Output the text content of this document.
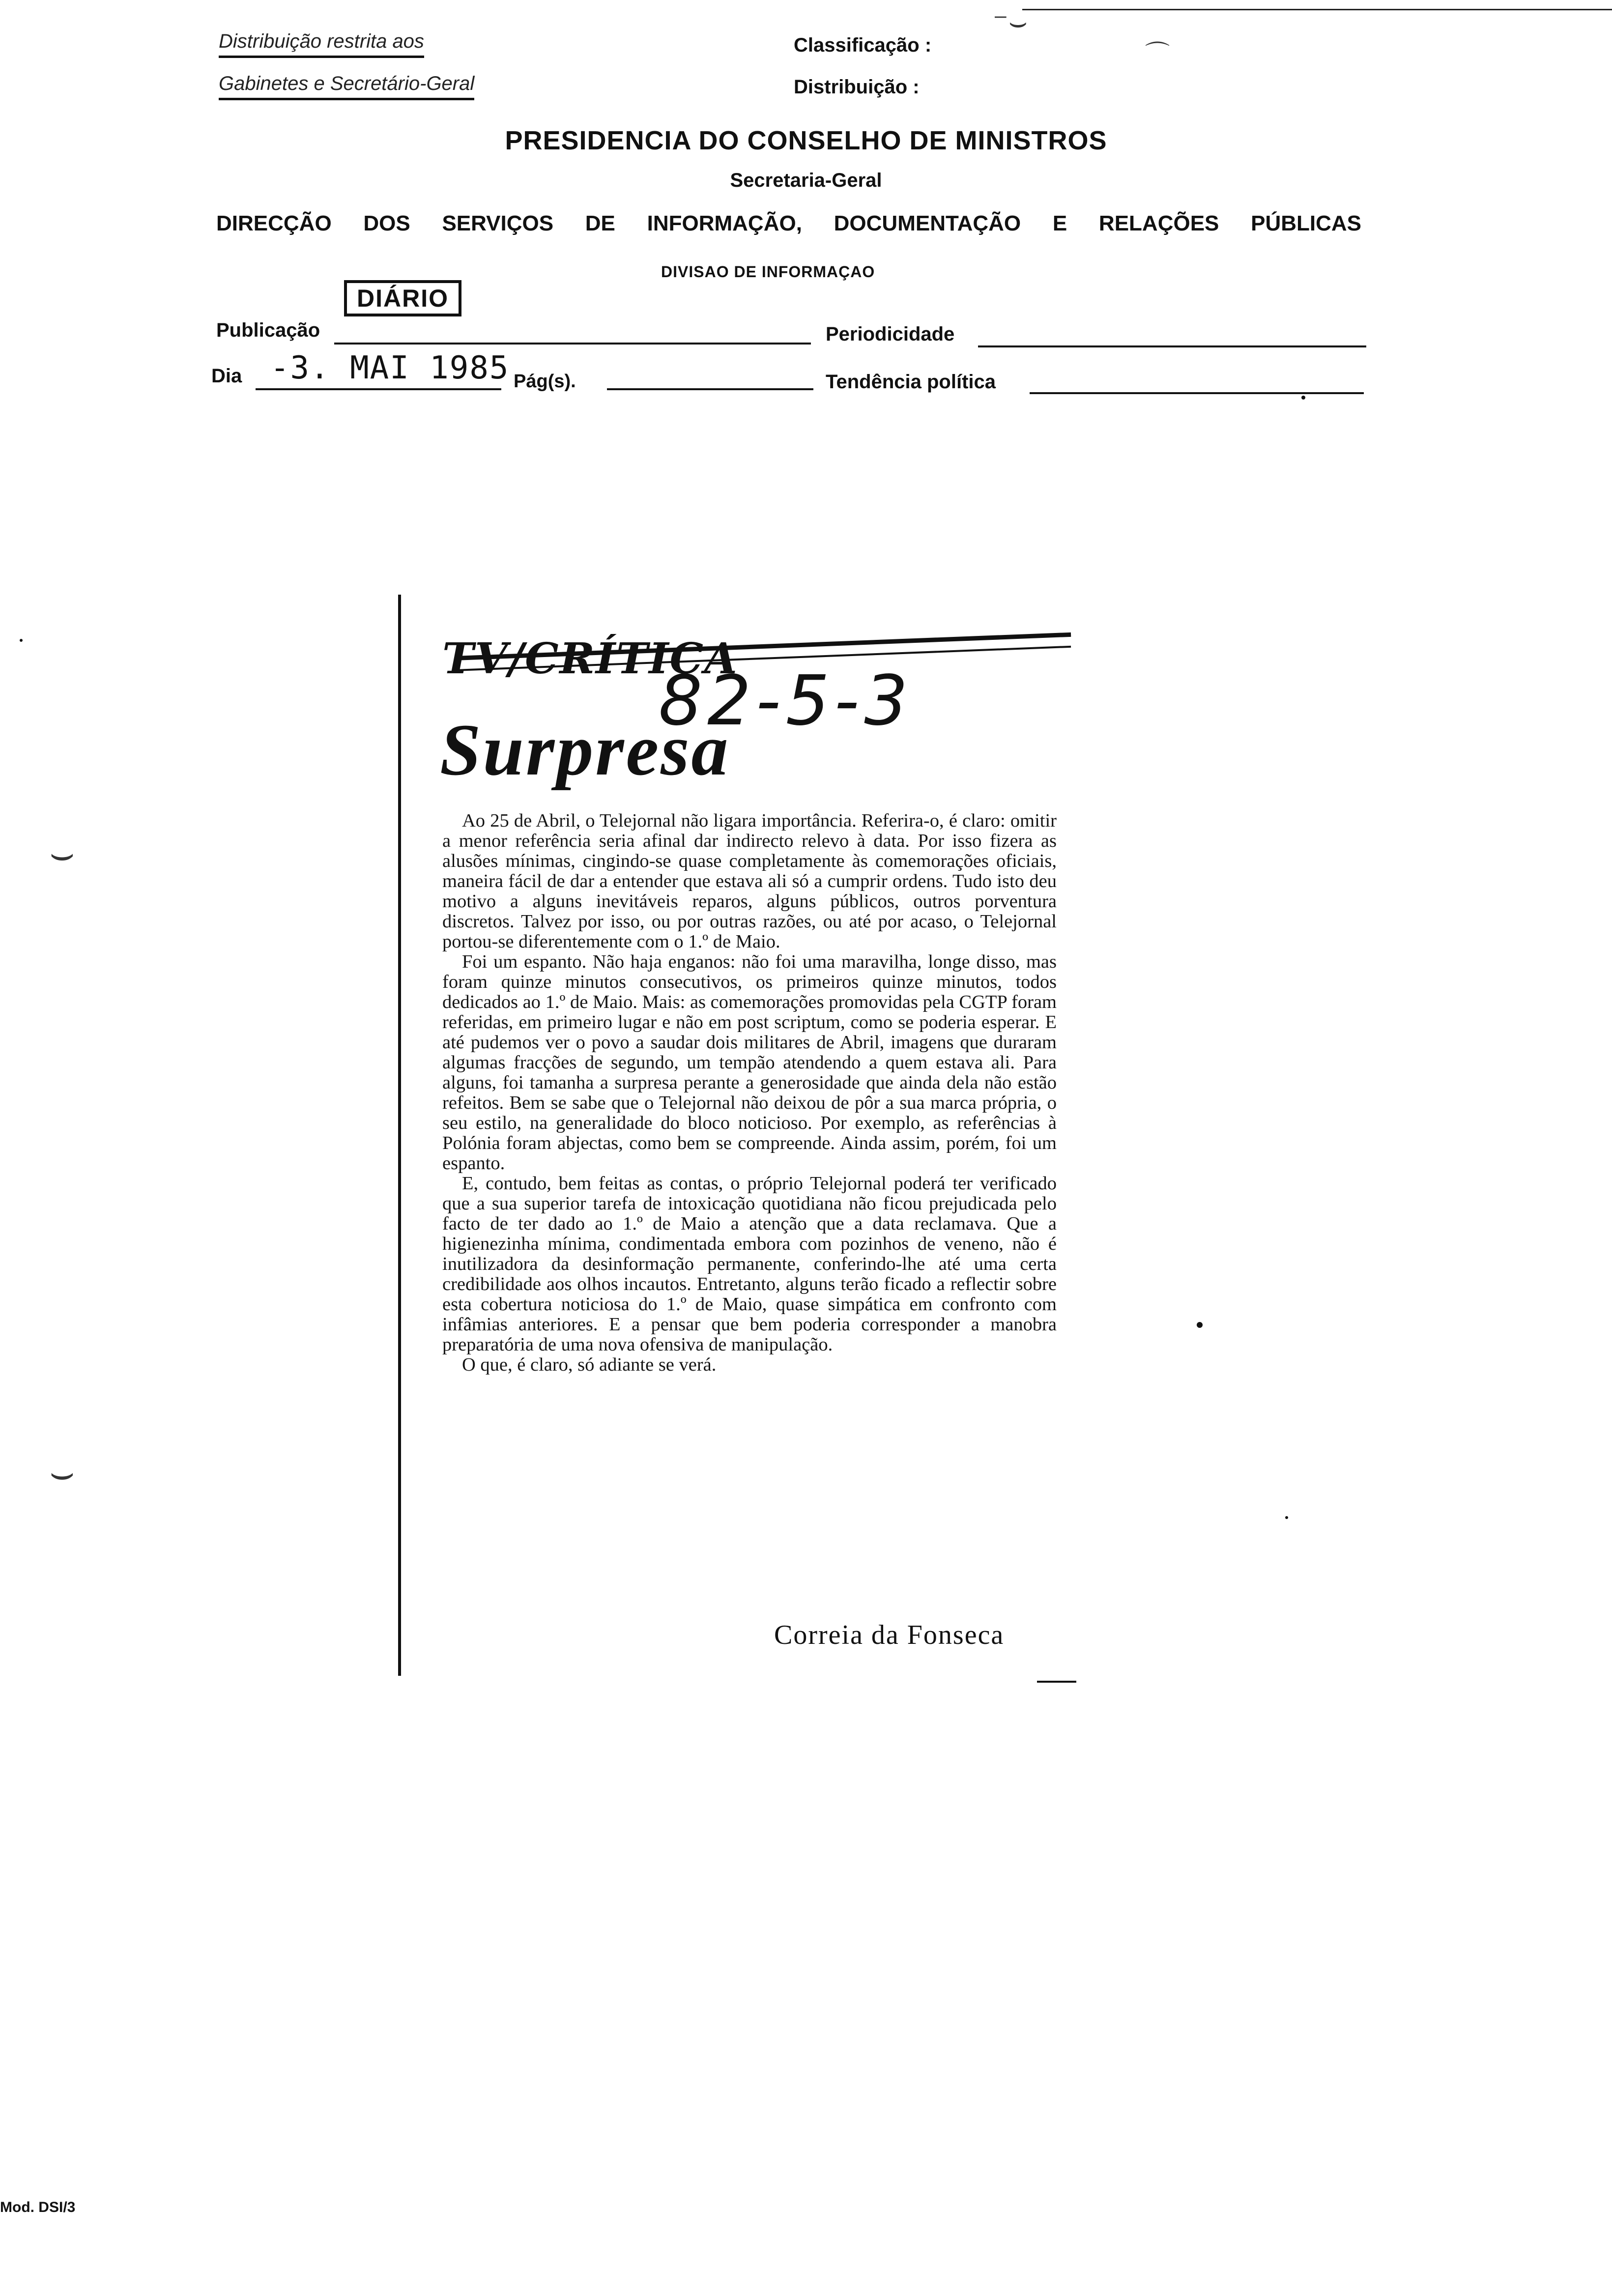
Distribuição restrita aos
Gabinetes e Secretário-Geral
Classificação :
Distribuição :
⁻⌣
⌒
PRESIDENCIA DO CONSELHO DE MINISTROS
Secretaria-Geral
DIRECÇÃO DOS SERVIÇOS DE INFORMAÇÃO, DOCUMENTAÇÃO E RELAÇÕES PÚBLICAS
DIVISAO DE INFORMAÇAO
DIÁRIO
Publicação	Periodicidade
Dia -3. MAI 1985 Pág(s).	Tendência política
TV/CRÍTICA
Surpresa
82-5-3

Ao 25 de Abril, o Telejornal não ligara importância. Referira-o, é claro: omitir a menor referência seria afinal dar indirecto relevo à data. Por isso fizera as alusões mínimas, cingindo-se quase completamente às comemorações oficiais, maneira fácil de dar a entender que estava ali só a cumprir ordens. Tudo isto deu motivo a alguns inevitáveis reparos, alguns públicos, outros porventura discretos. Talvez por isso, ou por outras razões, ou até por acaso, o Telejornal portou-se diferentemente com o 1.º de Maio.

Foi um espanto. Não haja enganos: não foi uma maravilha, longe disso, mas foram quinze minutos consecutivos, os primeiros quinze minutos, todos dedicados ao 1.º de Maio. Mais: as comemorações promovidas pela CGTP foram referidas, em primeiro lugar e não em post scriptum, como se poderia esperar. E até pudemos ver o povo a saudar dois militares de Abril, imagens que duraram algumas fracções de segundo, um tempão atendendo a quem estava ali. Para alguns, foi tamanha a surpresa perante a generosidade que ainda dela não estão refeitos. Bem se sabe que o Telejornal não deixou de pôr a sua marca própria, o seu estilo, na generalidade do bloco noticioso. Por exemplo, as referências à Polónia foram abjectas, como bem se compreende. Ainda assim, porém, foi um espanto.

E, contudo, bem feitas as contas, o próprio Telejornal poderá ter verificado que a sua superior tarefa de intoxicação quotidiana não ficou prejudicada pelo facto de ter dado ao 1.º de Maio a atenção que a data reclamava. Que a higienezinha mínima, condimentada embora com pozinhos de veneno, não é inutilizadora da desinformação permanente, conferindo-lhe até uma certa credibilidade aos olhos incautos. Entretanto, alguns terão ficado a reflectir sobre esta cobertura noticiosa do 1.º de Maio, quase simpática em confronto com infâmias anteriores. E a pensar que bem poderia corresponder a manobra preparatória de uma nova ofensiva de manipulação.

O que, é claro, só adiante se verá.

Correia da Fonseca
⌣
⌣
Mod. DSI/3
